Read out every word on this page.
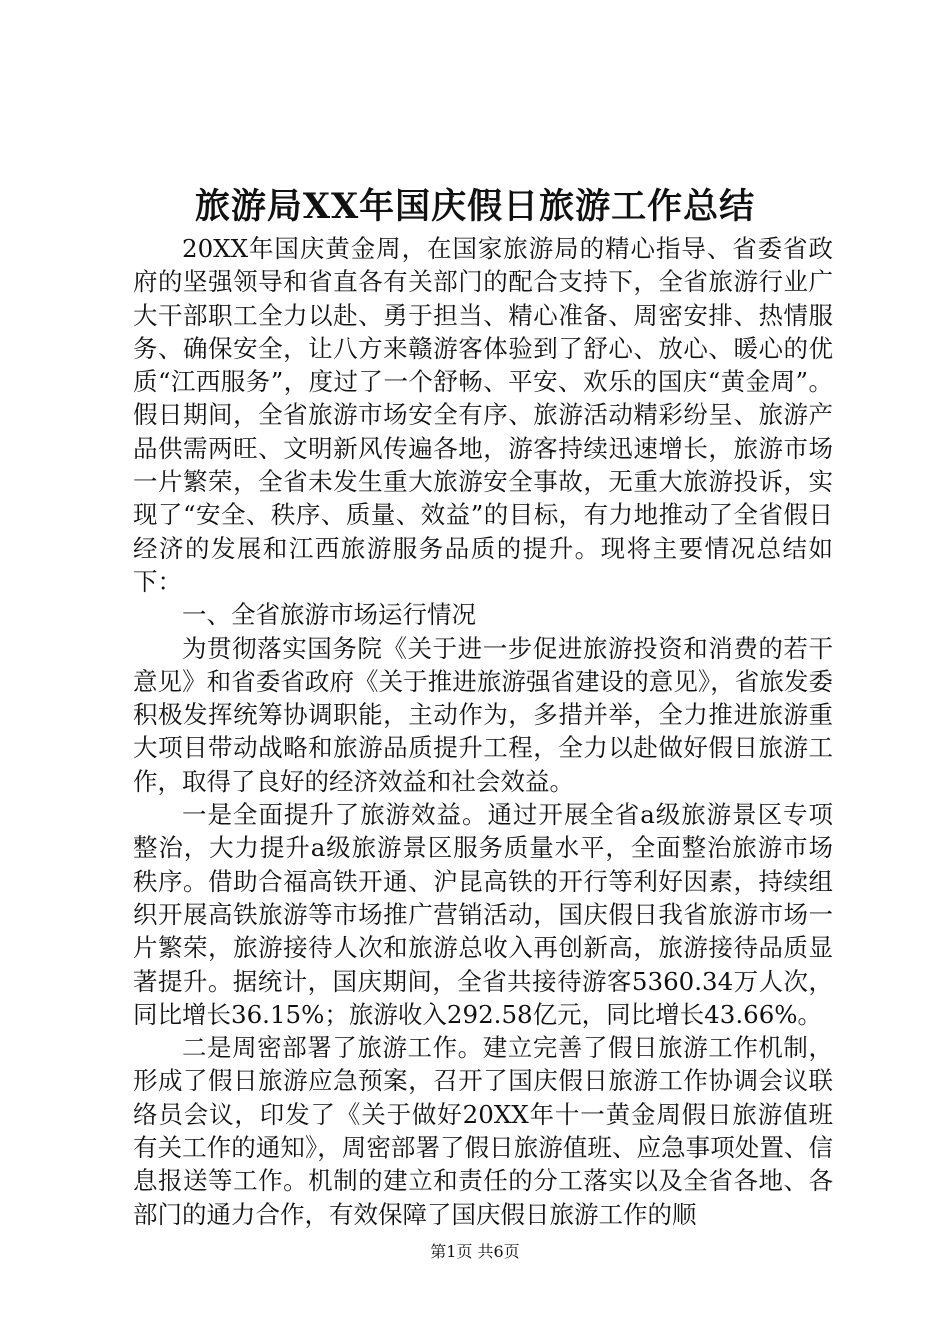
旅游局XX年国庆假日旅游工作总结

20XX年国庆黄金周，在国家旅游局的精心指导、省委省政府的坚强领导和省直各有关部门的配合支持下，全省旅游行业广大干部职工全力以赴、勇于担当、精心准备、周密安排、热情服务、确保安全，让八方来赣游客体验到了舒心、放心、暖心的优质“江西服务”，度过了一个舒畅、平安、欢乐的国庆“黄金周”。假日期间，全省旅游市场安全有序、旅游活动精彩纷呈、旅游产品供需两旺、文明新风传遍各地，游客持续迅速增长，旅游市场一片繁荣，全省未发生重大旅游安全事故，无重大旅游投诉，实现了“安全、秩序、质量、效益”的目标，有力地推动了全省假日经济的发展和江西旅游服务品质的提升。现将主要情况总结如下：

一、全省旅游市场运行情况

为贯彻落实国务院《关于进一步促进旅游投资和消费的若干意见》和省委省政府《关于推进旅游强省建设的意见》，省旅发委积极发挥统筹协调职能，主动作为，多措并举，全力推进旅游重大项目带动战略和旅游品质提升工程，全力以赴做好假日旅游工作，取得了良好的经济效益和社会效益。

一是全面提升了旅游效益。通过开展全省a级旅游景区专项整治，大力提升a级旅游景区服务质量水平，全面整治旅游市场秩序。借助合福高铁开通、沪昆高铁的开行等利好因素，持续组织开展高铁旅游等市场推广营销活动，国庆假日我省旅游市场一片繁荣，旅游接待人次和旅游总收入再创新高，旅游接待品质显著提升。据统计，国庆期间，全省共接待游客5360.34万人次，同比增长36.15%；旅游收入292.58亿元，同比增长43.66%。

二是周密部署了旅游工作。建立完善了假日旅游工作机制，形成了假日旅游应急预案，召开了国庆假日旅游工作协调会议联络员会议，印发了《关于做好20XX年十一黄金周假日旅游值班有关工作的通知》，周密部署了假日旅游值班、应急事项处置、信息报送等工作。机制的建立和责任的分工落实以及全省各地、各部门的通力合作，有效保障了国庆假日旅游工作的顺

第1页 共6页
